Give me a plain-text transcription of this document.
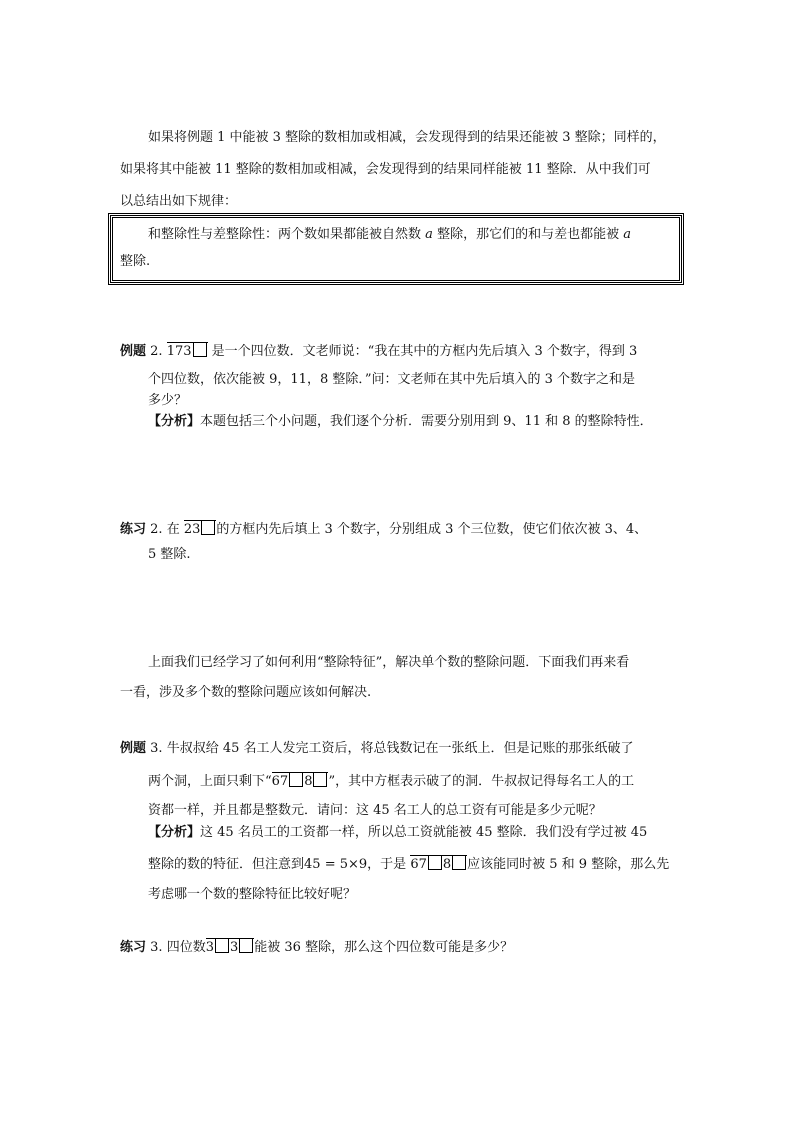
如果将例题 1 中能被 3 整除的数相加或相减，会发现得到的结果还能被 3 整除；同样的，
如果将其中能被 11 整除的数相加或相减，会发现得到的结果同样能被 11 整除．从中我们可
以总结出如下规律：
和整除性与差整除性：两个数如果都能被自然数 a 整除，那它们的和与差也都能被 a
整除.
例题 2. 173 是一个四位数．文老师说：“我在其中的方框内先后填入 3 个数字，得到 3
个四位数，依次能被 9，11，8 整除．”问：文老师在其中先后填入的 3 个数字之和是
多少？
【分析】本题包括三个小问题，我们逐个分析．需要分别用到 9、11 和 8 的整除特性．
练习 2. 在 23 的方框内先后填上 3 个数字，分别组成 3 个三位数，使它们依次被 3、4、
5 整除.
上面我们已经学习了如何利用“整除特征”，解决单个数的整除问题．下面我们再来看
一看，涉及多个数的整除问题应该如何解决.
例题 3. 牛叔叔给 45 名工人发完工资后，将总钱数记在一张纸上．但是记账的那张纸破了
两个洞，上面只剩下“67 8 ”，其中方框表示破了的洞．牛叔叔记得每名工人的工
资都一样，并且都是整数元．请问：这 45 名工人的总工资有可能是多少元呢？
【分析】这 45 名员工的工资都一样，所以总工资就能被 45 整除．我们没有学过被 45
整除的数的特征．但注意到45 = 5×9，于是 67 8 应该能同时被 5 和 9 整除，那么先
考虑哪一个数的整除特征比较好呢？
练习 3. 四位数3 3 能被 36 整除，那么这个四位数可能是多少？
